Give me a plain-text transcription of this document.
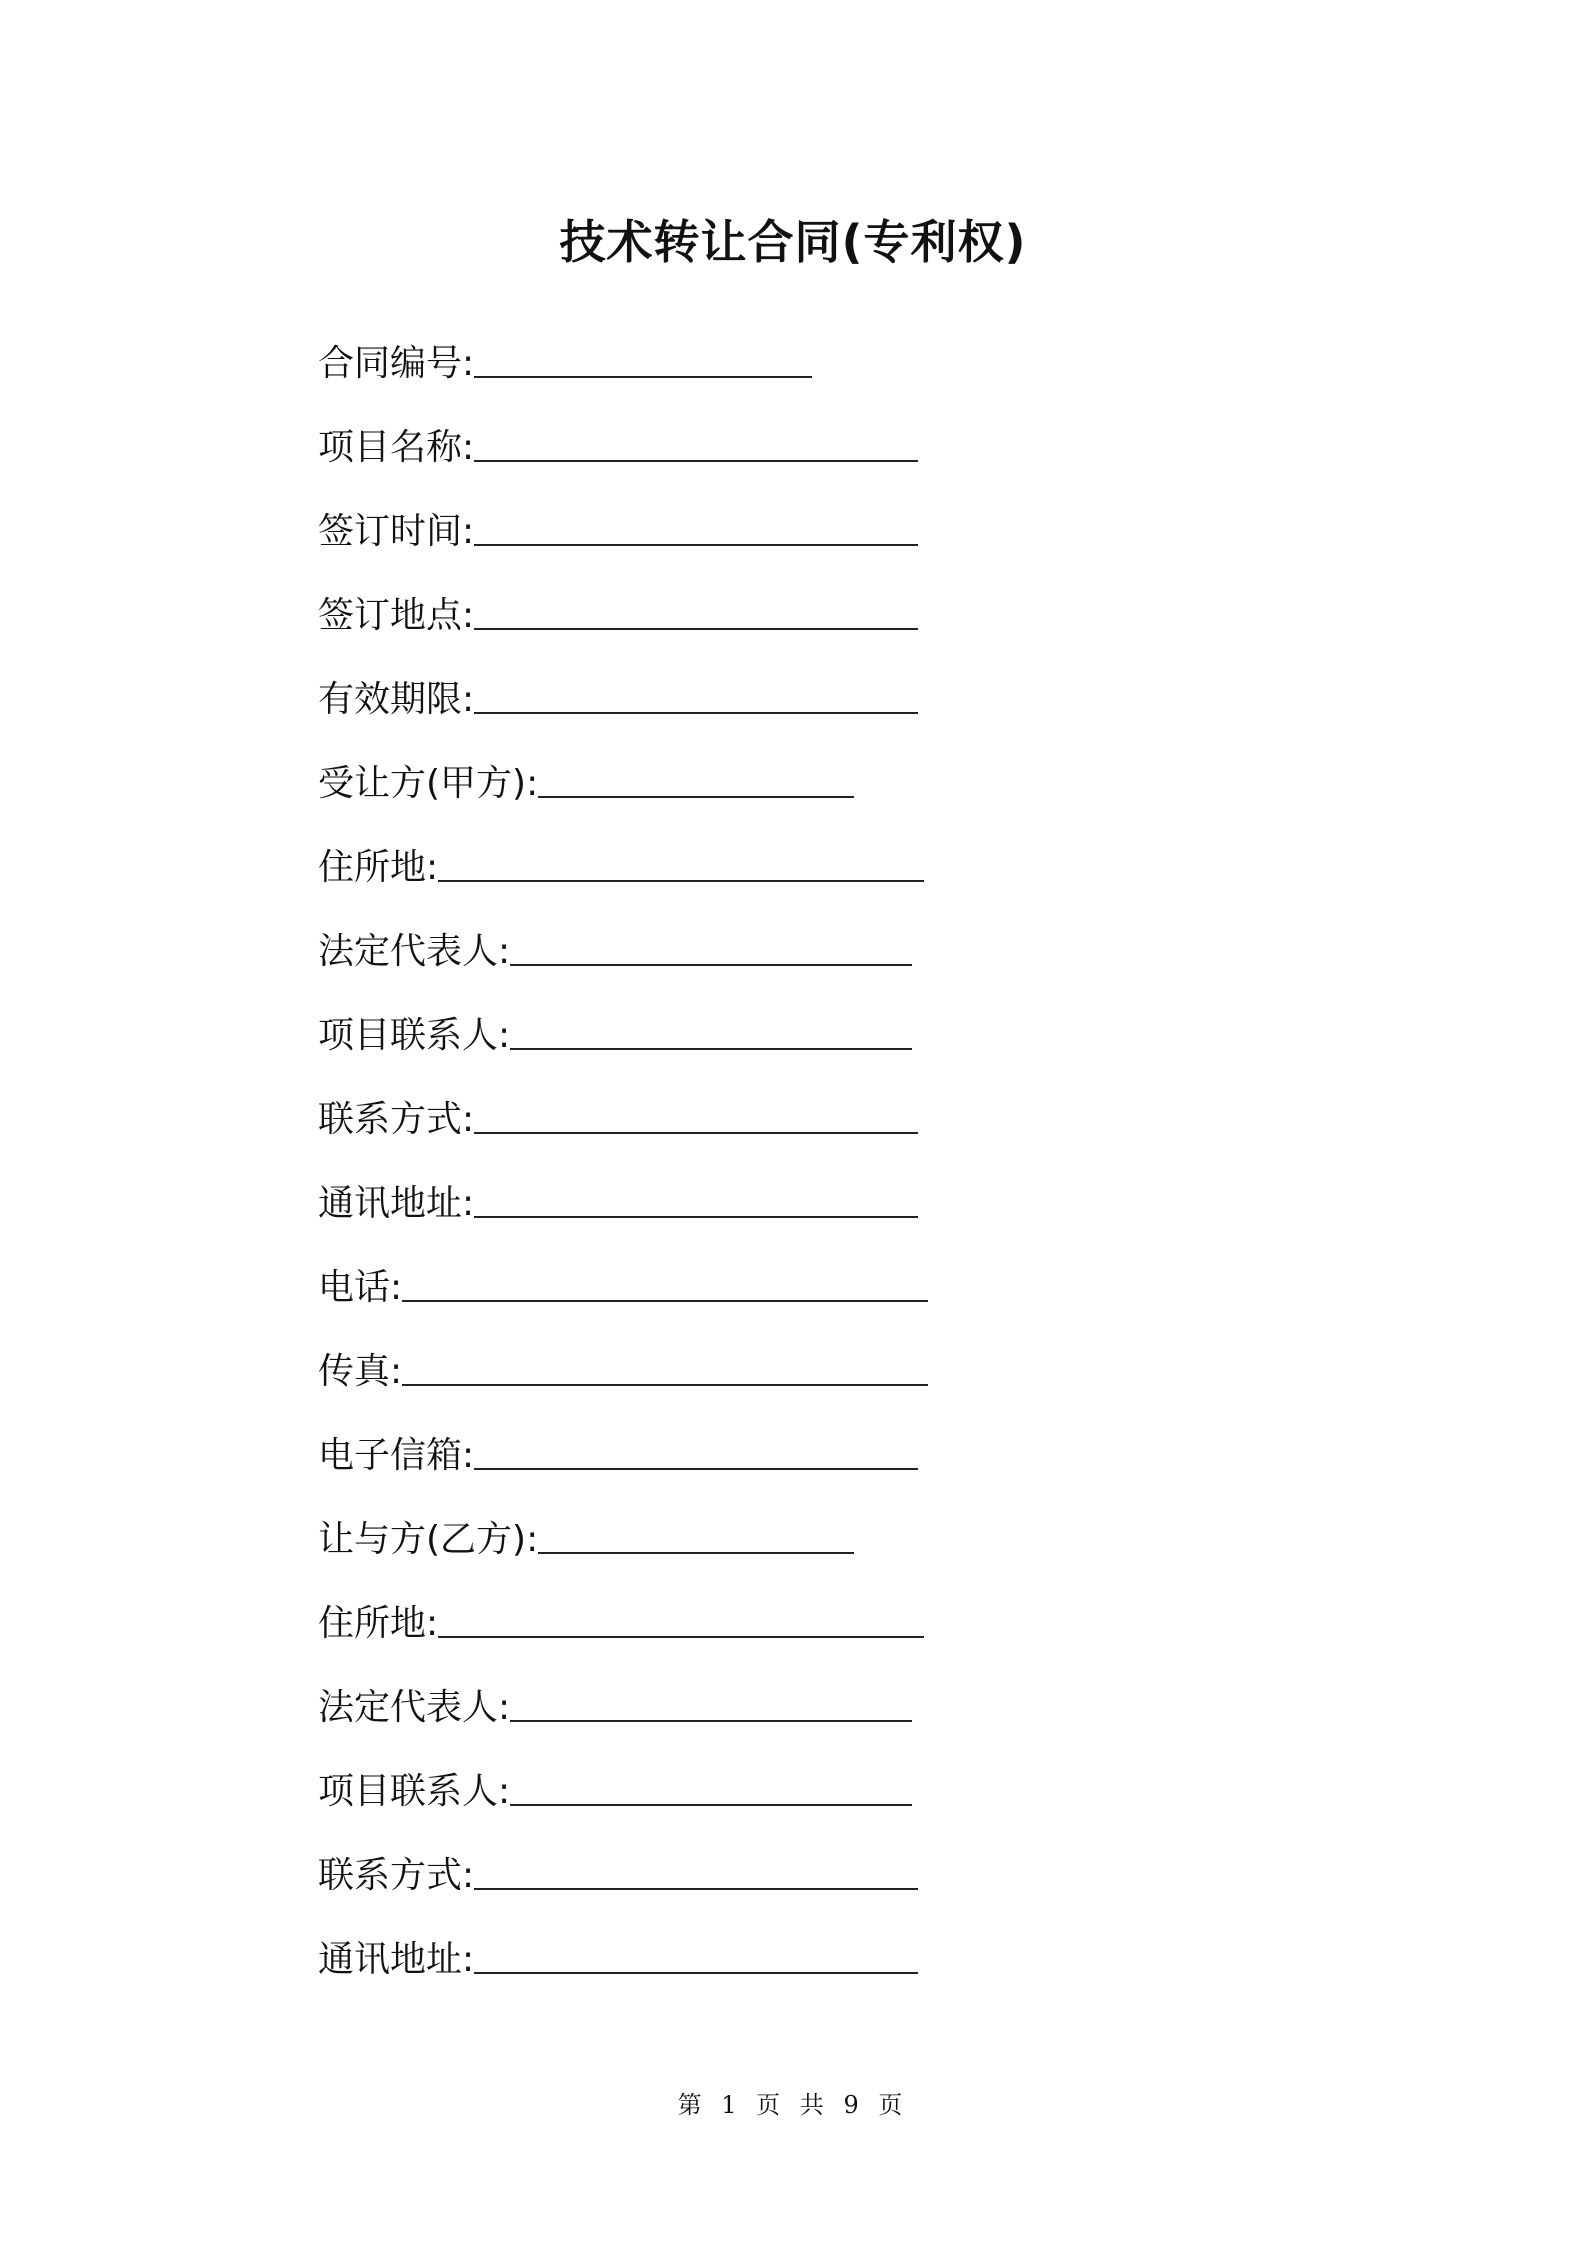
技术转让合同(专利权)
合同编号:
项目名称:
签订时间:
签订地点:
有效期限:
受让方(甲方):
住所地:
法定代表人:
项目联系人:
联系方式:
通讯地址:
电话:
传真:
电子信箱:
让与方(乙方):
住所地:
法定代表人:
项目联系人:
联系方式:
通讯地址:
第 1 页 共 9 页
